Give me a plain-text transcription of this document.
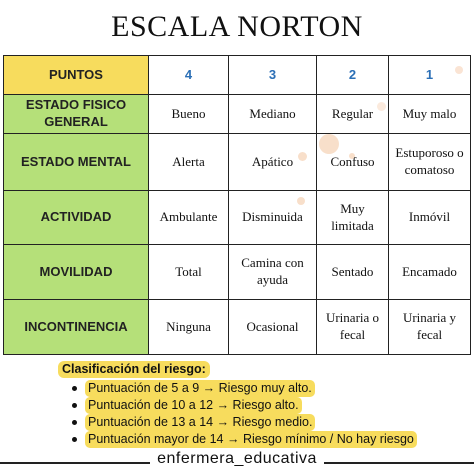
ESCALA NORTON
PUNTOS	4	3	2	1
ESTADO FISICO GENERAL	Bueno	Mediano	Regular	Muy malo
ESTADO MENTAL	Alerta	Apático	Confuso	Estuporoso o comatoso
ACTIVIDAD	Ambulante	Disminuida	Muy limitada	Inmóvil
MOVILIDAD	Total	Camina con ayuda	Sentado	Encamado
INCONTINENCIA	Ninguna	Ocasional	Urinaria o fecal	Urinaria y fecal
Clasificación del riesgo:
Puntuación de 5 a 9 → Riesgo muy alto.
Puntuación de 10 a 12 → Riesgo alto.
Puntuación de 13 a 14 → Riesgo medio.
Puntuación mayor de 14 → Riesgo mínimo / No hay riesgo
enfermera_educativa
